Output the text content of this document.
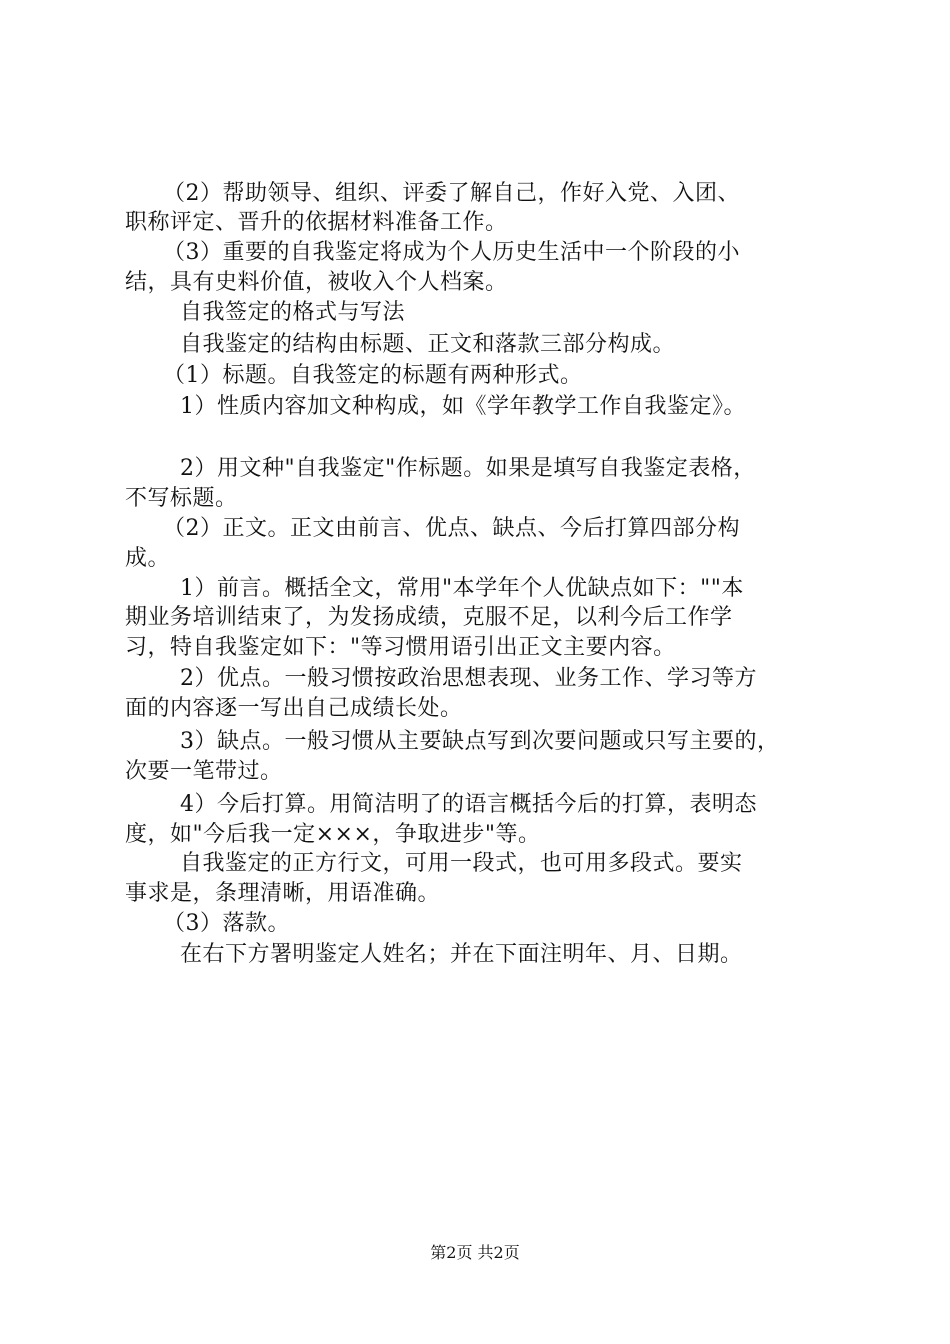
（2）帮助领导、组织、评委了解自己，作好入党、入团、
职称评定、晋升的依据材料准备工作。
（3）重要的自我鉴定将成为个人历史生活中一个阶段的小
结，具有史料价值，被收入个人档案。
自我签定的格式与写法
自我鉴定的结构由标题、正文和落款三部分构成。
（1）标题。自我签定的标题有两种形式。
1）性质内容加文种构成，如《学年教学工作自我鉴定》。
2）用文种"自我鉴定"作标题。如果是填写自我鉴定表格，
不写标题。
（2）正文。正文由前言、优点、缺点、今后打算四部分构
成。
1）前言。概括全文，常用"本学年个人优缺点如下：""本
期业务培训结束了，为发扬成绩，克服不足，以利今后工作学
习，特自我鉴定如下："等习惯用语引出正文主要内容。
2）优点。一般习惯按政治思想表现、业务工作、学习等方
面的内容逐一写出自己成绩长处。
3）缺点。一般习惯从主要缺点写到次要问题或只写主要的，
次要一笔带过。
4）今后打算。用简洁明了的语言概括今后的打算，表明态
度，如"今后我一定×××，争取进步"等。
自我鉴定的正方行文，可用一段式，也可用多段式。要实
事求是，条理清晰，用语准确。
（3）落款。
在右下方署明鉴定人姓名；并在下面注明年、月、日期。
第2页 共2页
